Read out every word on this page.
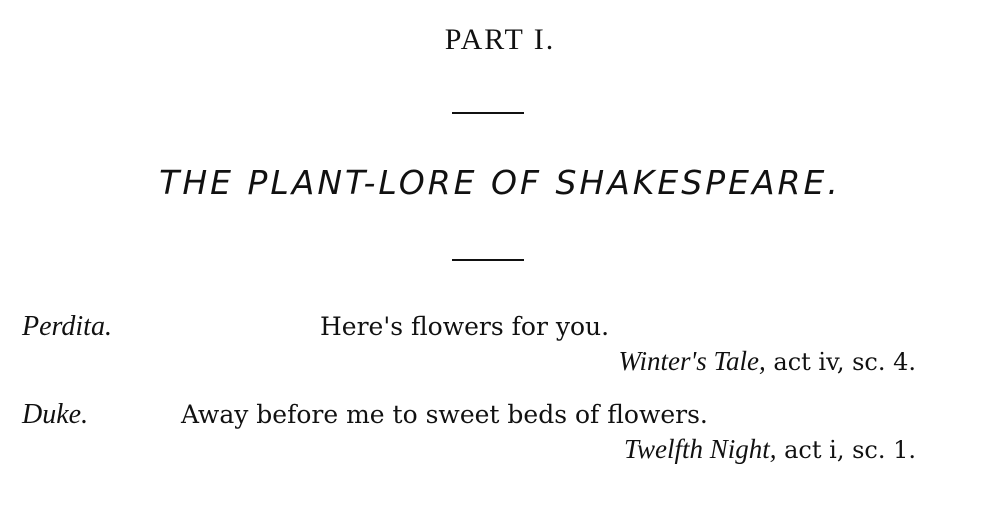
PART I.
THE PLANT-LORE OF SHAKESPEARE.
Perdita.	Here's flowers for you.
Winter's Tale, act iv, sc. 4.
Duke.	Away before me to sweet beds of flowers.
Twelfth Night, act i, sc. 1.
